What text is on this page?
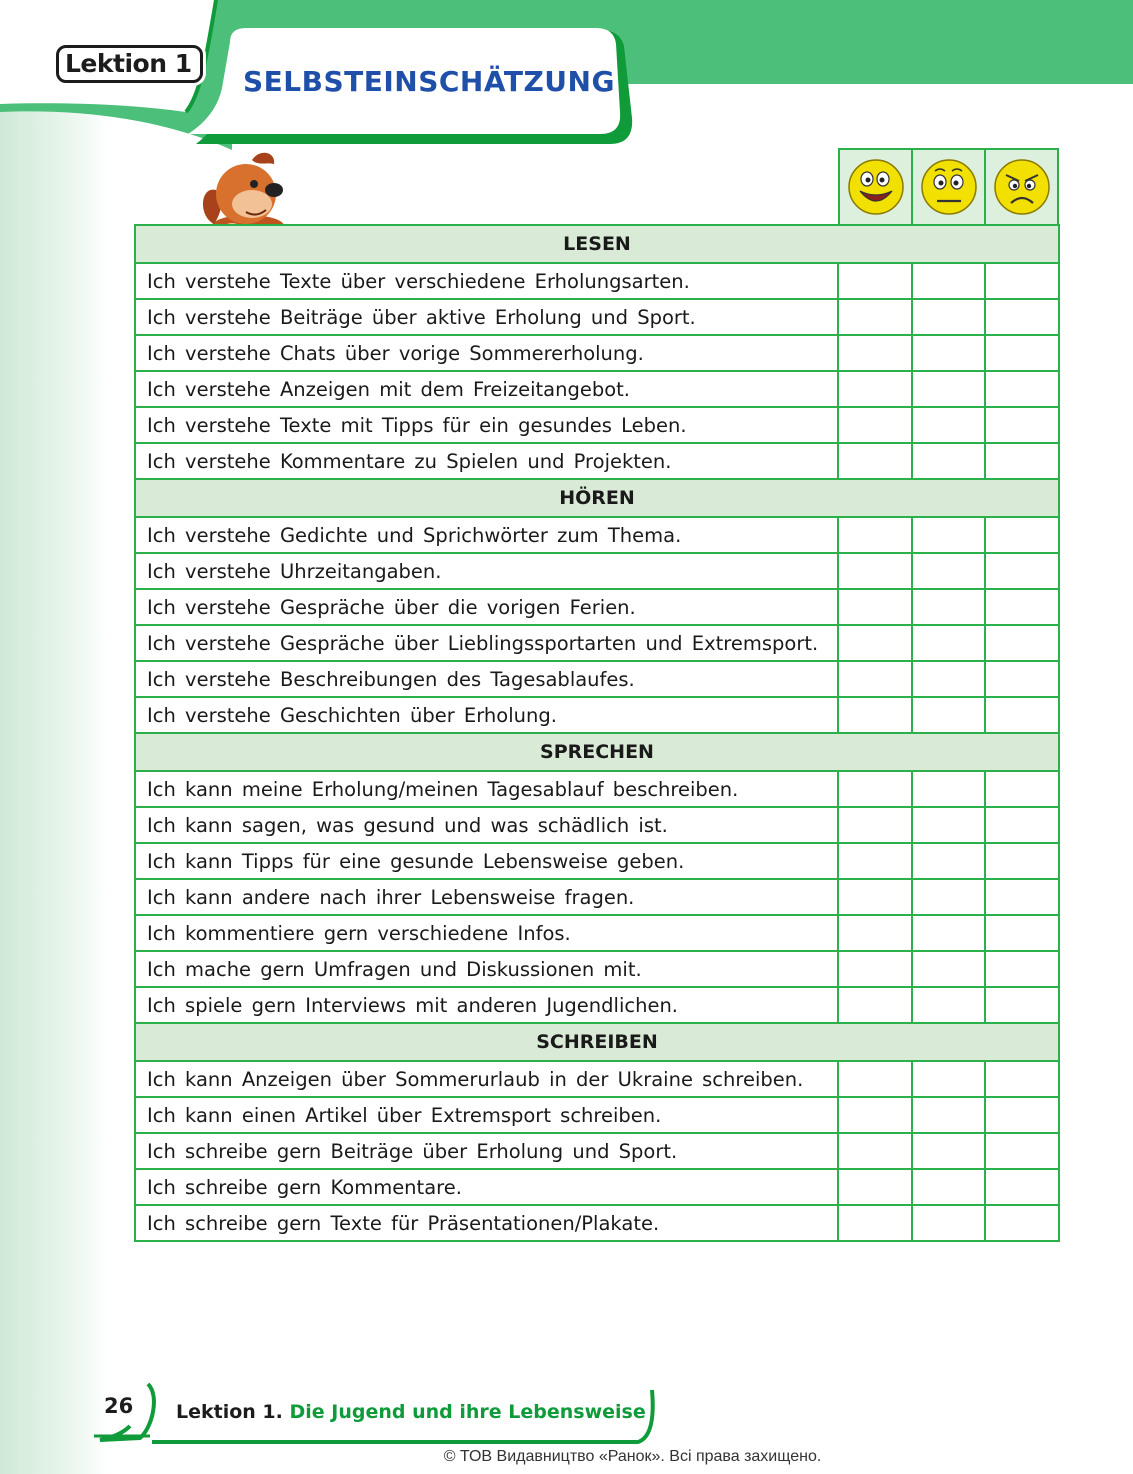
Lektion 1
SELBSTEINSCHÄTZUNG
LESEN			
Ich verstehe Texte über verschiedene Erholungsarten.			
Ich verstehe Beiträge über aktive Erholung und Sport.			
Ich verstehe Chats über vorige Sommererholung.			
Ich verstehe Anzeigen mit dem Freizeitangebot.			
Ich verstehe Texte mit Tipps für ein gesundes Leben.			
Ich verstehe Kommentare zu Spielen und Projekten.			
HÖREN			
Ich verstehe Gedichte und Sprichwörter zum Thema.			
Ich verstehe Uhrzeitangaben.			
Ich verstehe Gespräche über die vorigen Ferien.			
Ich verstehe Gespräche über Lieblingssportarten und Extremsport.			
Ich verstehe Beschreibungen des Tagesablaufes.			
Ich verstehe Geschichten über Erholung.			
SPRECHEN			
Ich kann meine Erholung/meinen Tagesablauf beschreiben.			
Ich kann sagen, was gesund und was schädlich ist.			
Ich kann Tipps für eine gesunde Lebensweise geben.			
Ich kann andere nach ihrer Lebensweise fragen.			
Ich kommentiere gern verschiedene Infos.			
Ich mache gern Umfragen und Diskussionen mit.			
Ich spiele gern Interviews mit anderen Jugendlichen.			
SCHREIBEN			
Ich kann Anzeigen über Sommerurlaub in der Ukraine schreiben.			
Ich kann einen Artikel über Extremsport schreiben.			
Ich schreibe gern Beiträge über Erholung und Sport.			
Ich schreibe gern Kommentare.			
Ich schreibe gern Texte für Präsentationen/Plakate.			
26 Lektion 1. Die Jugend und ihre Lebensweise
© ТОВ Видавництво «Ранок». Всі права захищено.
